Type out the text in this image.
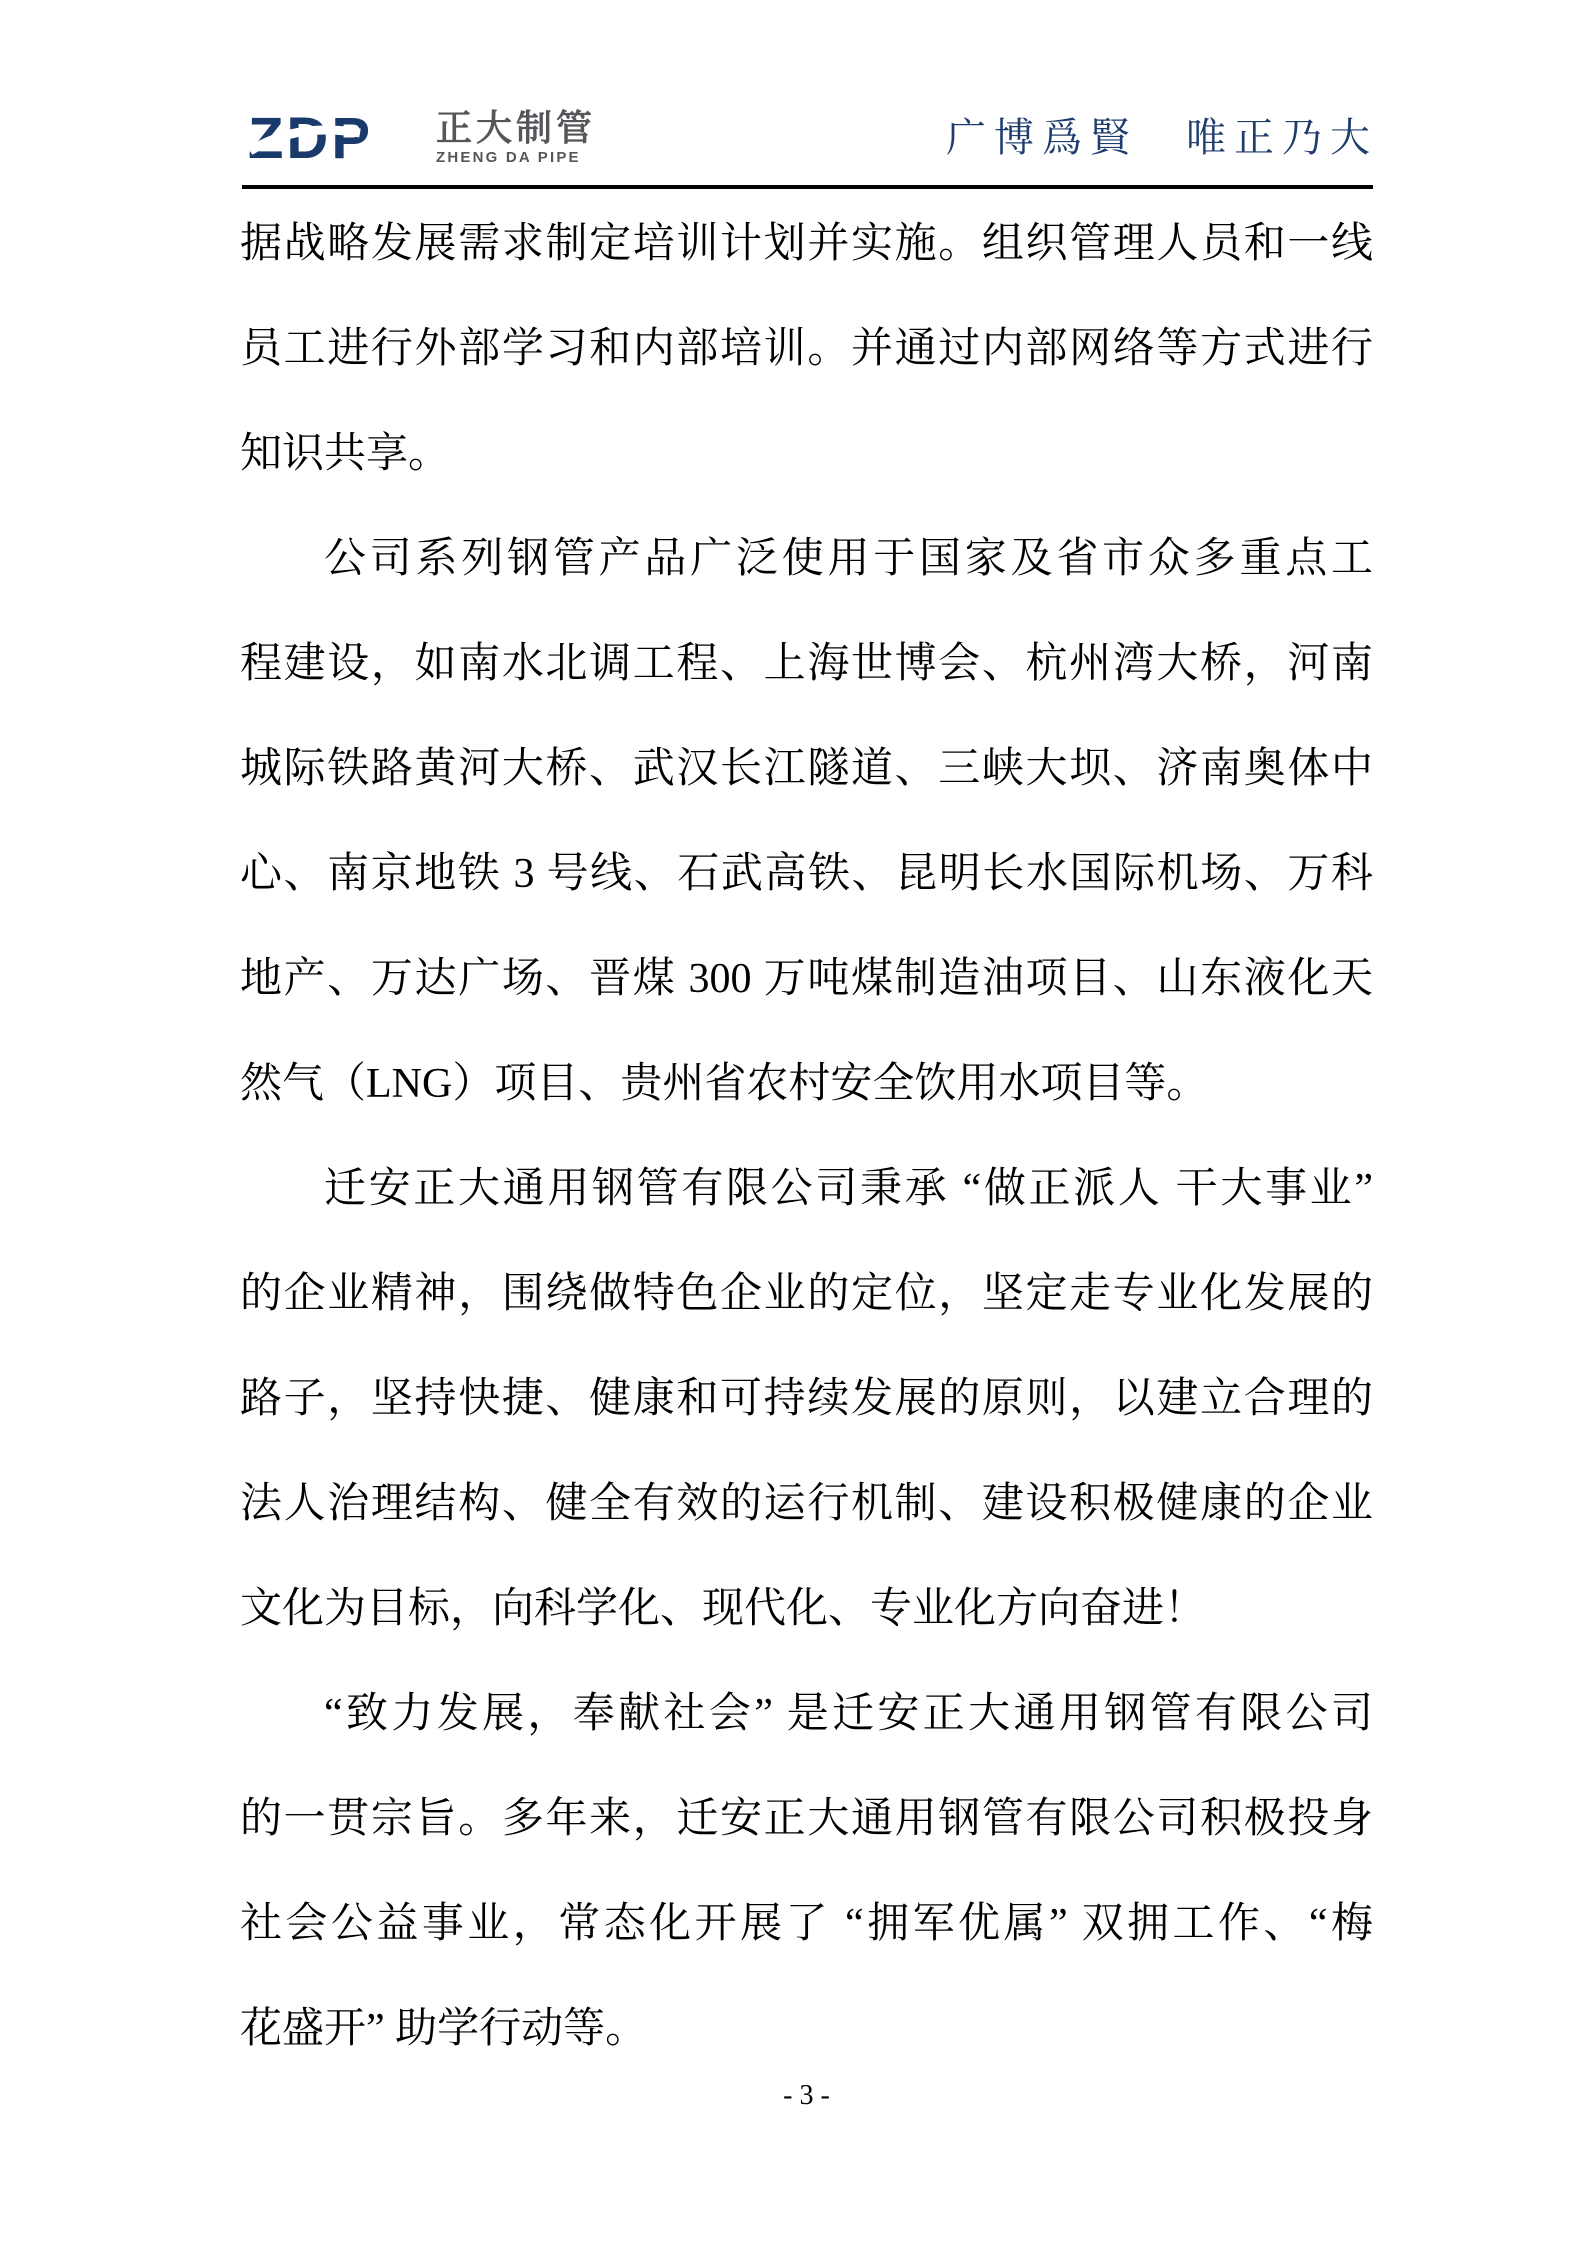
ZDP 正大制管
ZHENG DA PIPE	广博爲賢　唯正乃大
据战略发展需求制定培训计划并实施。组织管理人员和一线
员工进行外部学习和内部培训。并通过内部网络等方式进行
知识共享。
公司系列钢管产品广泛使用于国家及省市众多重点工
程建设，如南水北调工程、上海世博会、杭州湾大桥，河南
城际铁路黄河大桥、武汉长江隧道、三峡大坝、济南奥体中
心、南京地铁 3 号线、石武高铁、昆明长水国际机场、万科
地产、万达广场、晋煤 300 万吨煤制造油项目、山东液化天
然气（LNG）项目、贵州省农村安全饮用水项目等。
迁安正大通用钢管有限公司秉承 “做正派人 干大事业”
的企业精神，围绕做特色企业的定位，坚定走专业化发展的
路子，坚持快捷、健康和可持续发展的原则，以建立合理的
法人治理结构、健全有效的运行机制、建设积极健康的企业
文化为目标，向科学化、现代化、专业化方向奋进！
“致力发展，奉献社会” 是迁安正大通用钢管有限公司
的一贯宗旨。多年来，迁安正大通用钢管有限公司积极投身
社会公益事业，常态化开展了 “拥军优属” 双拥工作、“梅
花盛开” 助学行动等。
- 3 -
